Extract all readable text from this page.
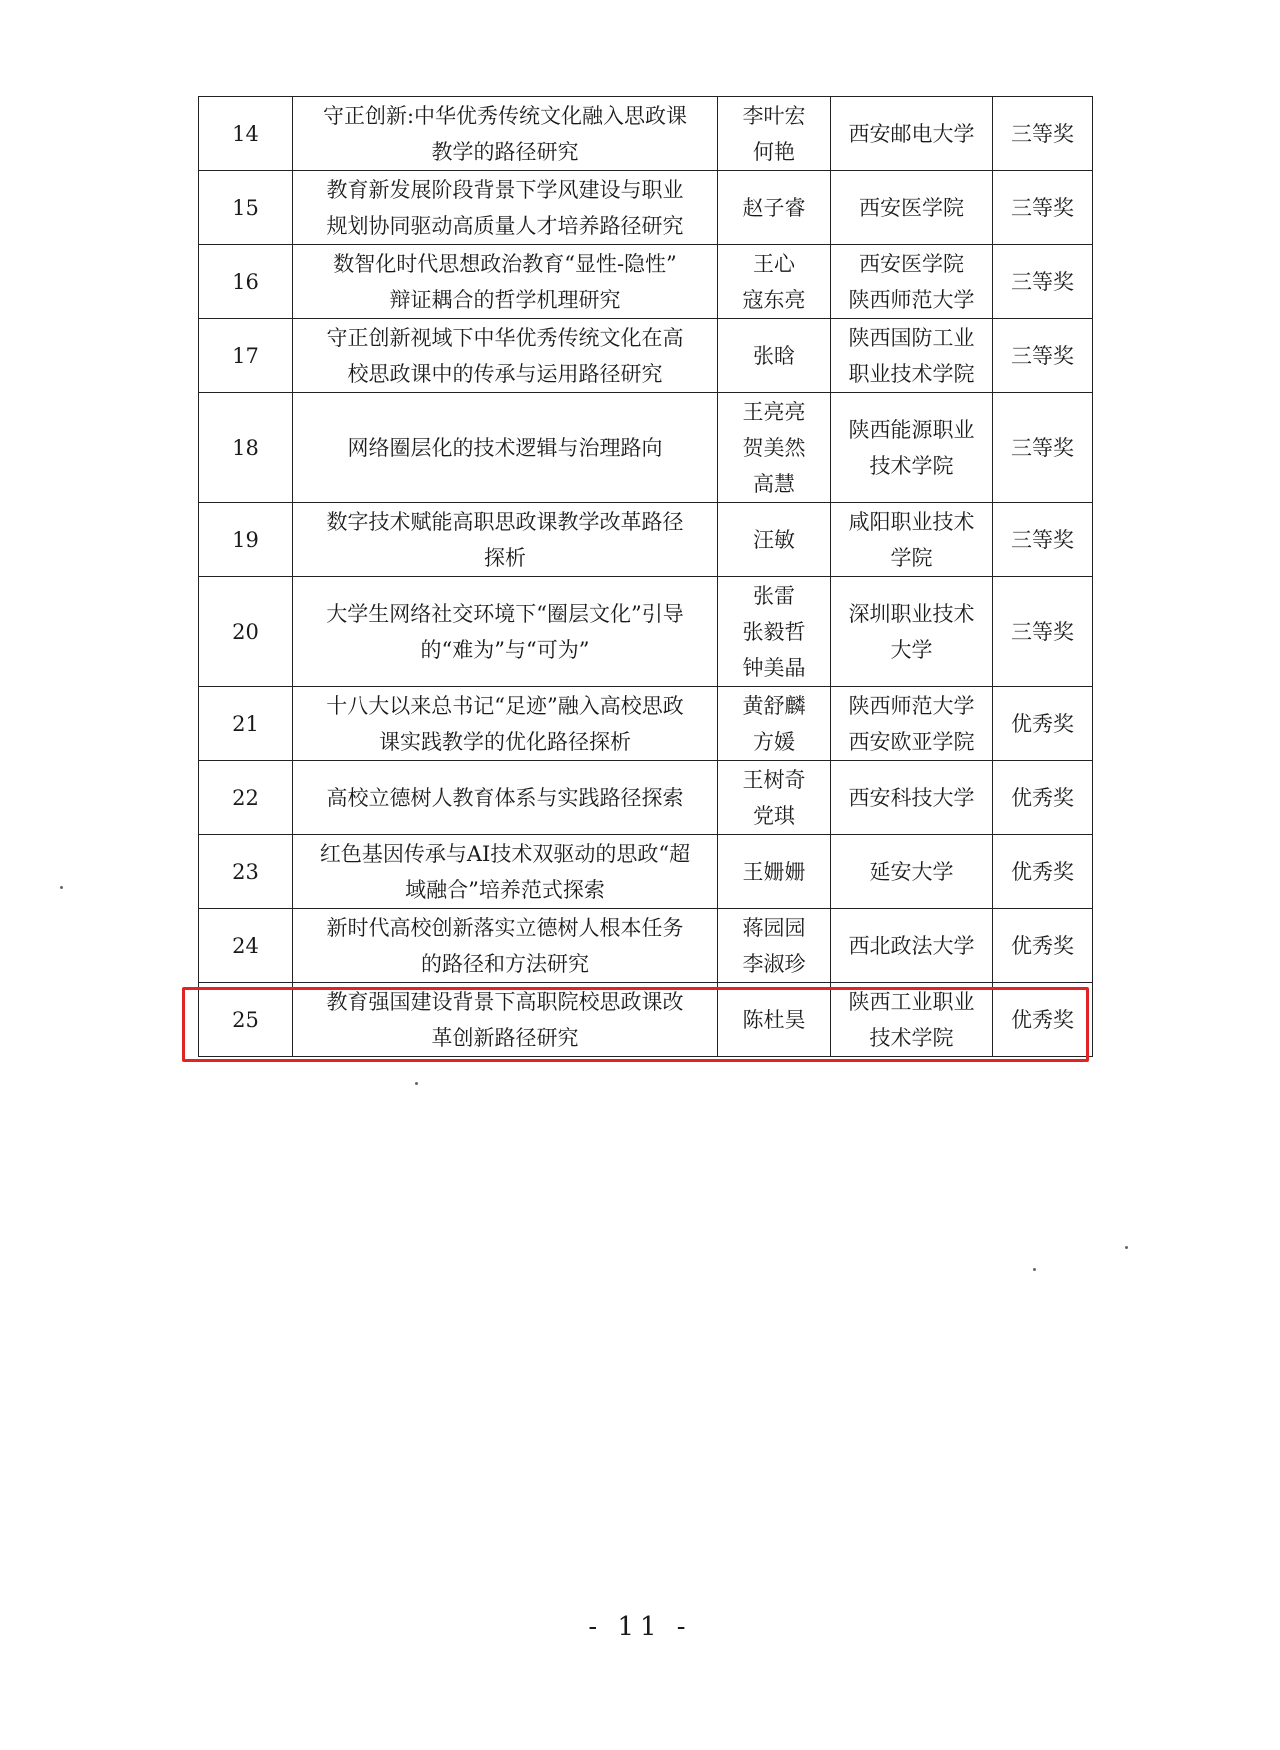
14	守正创新:中华优秀传统文化融入思政课
教学的路径研究	李叶宏
何艳	西安邮电大学	三等奖
15	教育新发展阶段背景下学风建设与职业
规划协同驱动高质量人才培养路径研究	赵子睿	西安医学院	三等奖
16	数智化时代思想政治教育“显性-隐性”
辩证耦合的哲学机理研究	王心
寇东亮	西安医学院
陕西师范大学	三等奖
17	守正创新视域下中华优秀传统文化在高
校思政课中的传承与运用路径研究	张晗	陕西国防工业
职业技术学院	三等奖
18	网络圈层化的技术逻辑与治理路向	王亮亮
贺美然
高慧	陕西能源职业
技术学院	三等奖
19	数字技术赋能高职思政课教学改革路径
探析	汪敏	咸阳职业技术
学院	三等奖
20	大学生网络社交环境下“圈层文化”引导
的“难为”与“可为”	张雷
张毅哲
钟美晶	深圳职业技术
大学	三等奖
21	十八大以来总书记“足迹”融入高校思政
课实践教学的优化路径探析	黄舒麟
方媛	陕西师范大学
西安欧亚学院	优秀奖
22	高校立德树人教育体系与实践路径探索	王树奇
党琪	西安科技大学	优秀奖
23	红色基因传承与AI技术双驱动的思政“超
域融合”培养范式探索	王姗姗	延安大学	优秀奖
24	新时代高校创新落实立德树人根本任务
的路径和方法研究	蒋园园
李淑珍	西北政法大学	优秀奖
25	教育强国建设背景下高职院校思政课改
革创新路径研究	陈杜昊	陕西工业职业
技术学院	优秀奖
- 11 -
